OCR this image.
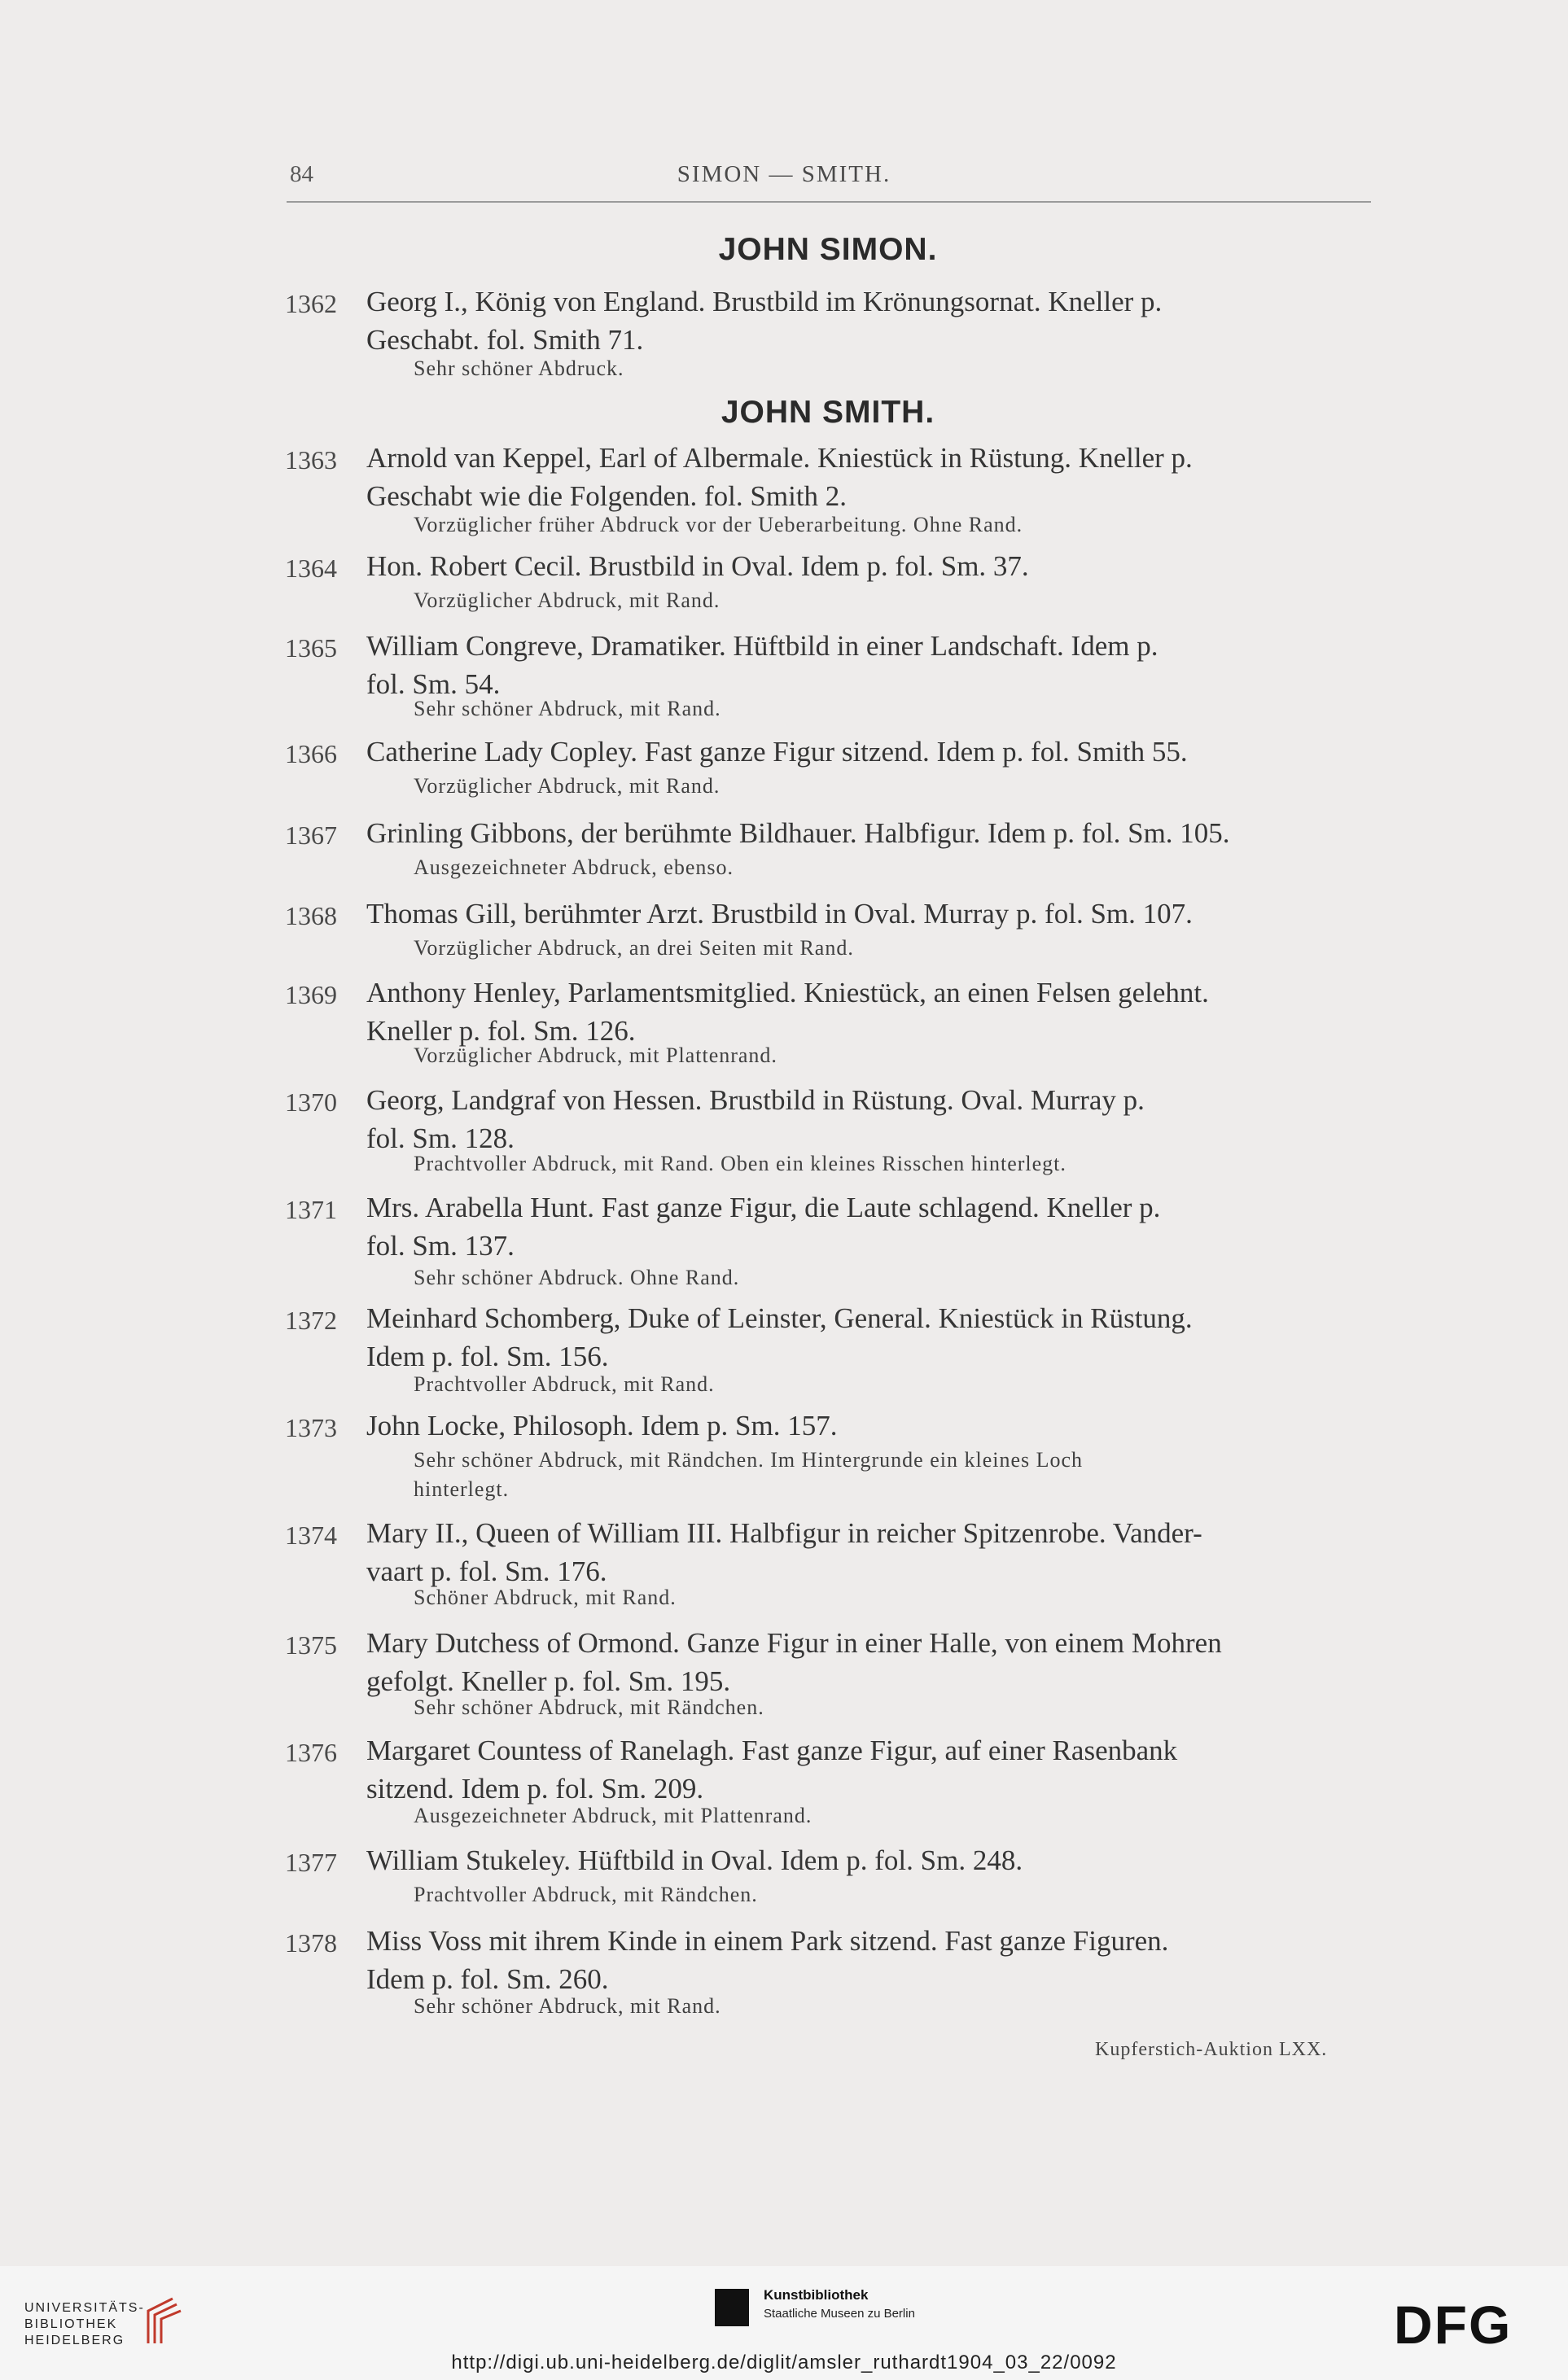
84	SIMON — SMITH.
JOHN SIMON.
1362 Georg I., König von England. Brustbild im Krönungsornat. Kneller p.
Geschabt. fol. Smith 71.
Sehr schöner Abdruck.
JOHN SMITH.
1363 Arnold van Keppel, Earl of Albermale. Kniestück in Rüstung. Kneller p.
Geschabt wie die Folgenden. fol. Smith 2.
Vorzüglicher früher Abdruck vor der Ueberarbeitung. Ohne Rand.
1364 Hon. Robert Cecil. Brustbild in Oval. Idem p. fol. Sm. 37.
Vorzüglicher Abdruck, mit Rand.
1365 William Congreve, Dramatiker. Hüftbild in einer Landschaft. Idem p.
fol. Sm. 54.
Sehr schöner Abdruck, mit Rand.
1366 Catherine Lady Copley. Fast ganze Figur sitzend. Idem p. fol. Smith 55.
Vorzüglicher Abdruck, mit Rand.
1367 Grinling Gibbons, der berühmte Bildhauer. Halbfigur. Idem p. fol. Sm. 105.
Ausgezeichneter Abdruck, ebenso.
1368 Thomas Gill, berühmter Arzt. Brustbild in Oval. Murray p. fol. Sm. 107.
Vorzüglicher Abdruck, an drei Seiten mit Rand.
1369 Anthony Henley, Parlamentsmitglied. Kniestück, an einen Felsen gelehnt.
Kneller p. fol. Sm. 126.
Vorzüglicher Abdruck, mit Plattenrand.
1370 Georg, Landgraf von Hessen. Brustbild in Rüstung. Oval. Murray p.
fol. Sm. 128.
Prachtvoller Abdruck, mit Rand. Oben ein kleines Risschen hinterlegt.
1371 Mrs. Arabella Hunt. Fast ganze Figur, die Laute schlagend. Kneller p.
fol. Sm. 137.
Sehr schöner Abdruck. Ohne Rand.
1372 Meinhard Schomberg, Duke of Leinster, General. Kniestück in Rüstung.
Idem p. fol. Sm. 156.
Prachtvoller Abdruck, mit Rand.
1373 John Locke, Philosoph. Idem p. Sm. 157.
Sehr schöner Abdruck, mit Rändchen. Im Hintergrunde ein kleines Loch
hinterlegt.
1374 Mary II., Queen of William III. Halbfigur in reicher Spitzenrobe. Vander-
vaart p. fol. Sm. 176.
Schöner Abdruck, mit Rand.
1375 Mary Dutchess of Ormond. Ganze Figur in einer Halle, von einem Mohren
gefolgt. Kneller p. fol. Sm. 195.
Sehr schöner Abdruck, mit Rändchen.
1376 Margaret Countess of Ranelagh. Fast ganze Figur, auf einer Rasenbank
sitzend. Idem p. fol. Sm. 209.
Ausgezeichneter Abdruck, mit Plattenrand.
1377 William Stukeley. Hüftbild in Oval. Idem p. fol. Sm. 248.
Prachtvoller Abdruck, mit Rändchen.
1378 Miss Voss mit ihrem Kinde in einem Park sitzend. Fast ganze Figuren.
Idem p. fol. Sm. 260.
Sehr schöner Abdruck, mit Rand.
Kupferstich-Auktion LXX.
UNIVERSITÄTS-
BIBLIOTHEK
HEIDELBERG
Kunstbibliothek
Staatliche Museen zu Berlin	DFG
http://digi.ub.uni-heidelberg.de/diglit/amsler_ruthardt1904_03_22/0092
